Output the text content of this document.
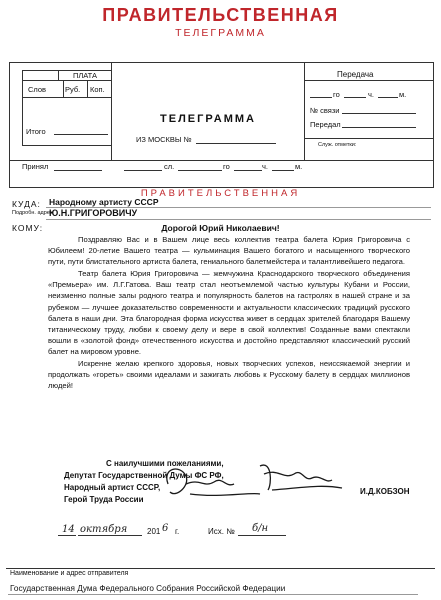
ПРАВИТЕЛЬСТВЕННАЯ
ТЕЛЕГРАММА
ПЛАТА
Слов	Руб. Коп.
Итого
ТЕЛЕГРАММА
ИЗ МОСКВЫ №
Принял	сл.	го	ч.	м.
Передача
го	ч.	м.
№ связи
Передал
Служ. отметки:
ПРАВИТЕЛЬСТВЕННАЯ
КУДА:
Подробн. адрес
КОМУ:
Народному артисту СССР
Ю.Н.ГРИГОРОВИЧУ
Дорогой Юрий Николаевич!

Поздравляю Вас и в Вашем лице весь коллектив театра балета Юрия Григоровича с Юбилеем! 20-летие Вашего театра — кульминация Вашего богатого и насыщенного творческого пути, пути блистательного артиста балета, гениального балетмейстера и талантливейшего педагога.

Театр балета Юрия Григоровича — жемчужина Краснодарского творческого объединения «Премьера» им. Л.Г.Гатова. Ваш театр стал неотъемлемой частью культуры Кубани и России, неизменно полные залы родного театра и популярность балетов на гастролях в нашей стране и за рубежом — лучшее доказательство современности и актуальности классических традиций русского балета в наши дни. Эта благородная форма искусства живет в сердцах зрителей благодаря Вашему титаническому труду, любви к своему делу и вере в свой коллектив! Созданные вами спектакли вошли в «золотой фонд» отечественного искусства и достойно представляют классический русский балет на мировом уровне.

Искренне желаю крепкого здоровья, новых творческих успехов, неиссякаемой энергии и продолжать «гореть» своими идеалами и зажигать любовь к Русскому балету в сердцах миллионов людей!

С наилучшими пожеланиями,
Депутат Государственной Думы ФС РФ,
Народный артист СССР,
Герой Труда России
И.Д.КОБЗОН
14 октября 201 6 г.	Исх. № б/н
Наименование и адрес отправителя
Государственная Дума Федерального Собрания Российской Федерации
